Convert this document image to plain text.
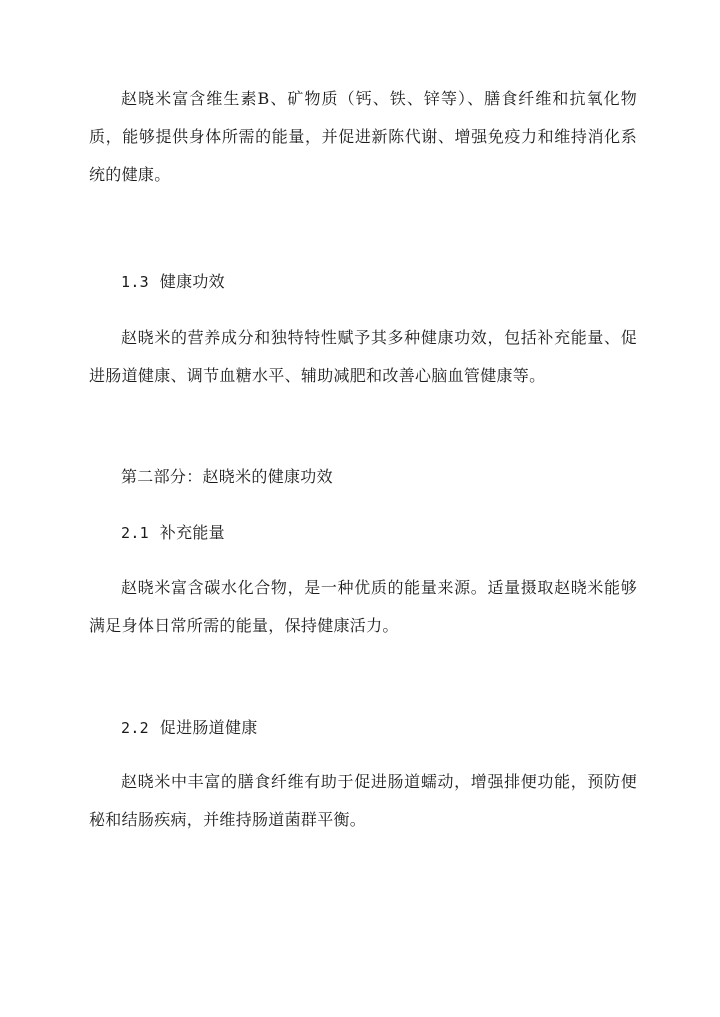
赵晓米富含维生素B、矿物质（钙、铁、锌等）、膳食纤维和抗氧化物质，能够提供身体所需的能量，并促进新陈代谢、增强免疫力和维持消化系统的健康。

1.3 健康功效

赵晓米的营养成分和独特特性赋予其多种健康功效，包括补充能量、促进肠道健康、调节血糖水平、辅助减肥和改善心脑血管健康等。

第二部分：赵晓米的健康功效
2.1 补充能量

赵晓米富含碳水化合物，是一种优质的能量来源。适量摄取赵晓米能够满足身体日常所需的能量，保持健康活力。

2.2 促进肠道健康

赵晓米中丰富的膳食纤维有助于促进肠道蠕动，增强排便功能，预防便秘和结肠疾病，并维持肠道菌群平衡。
